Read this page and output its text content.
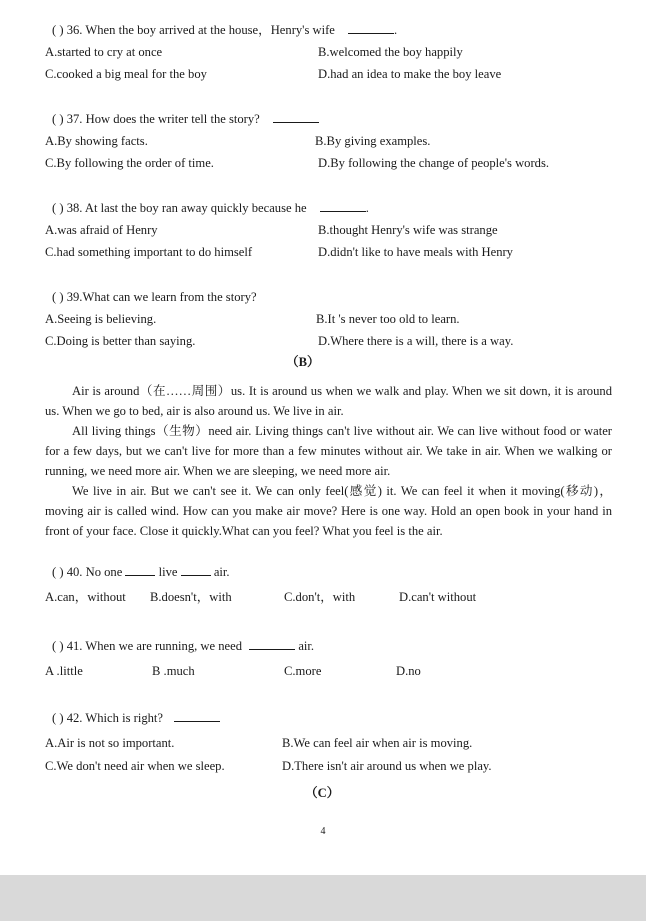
( ) 36. When the boy arrived at the house，Henry's wife	.
A.started to cry at once	B.welcomed the boy happily
C.cooked a big meal for the boy	D.had an idea to make the boy leave
( ) 37. How does the writer tell the story?
A.By showing facts.	B.By giving examples.
C.By following the order of time.	D.By following the change of people's words.
( ) 38. At last the boy ran away quickly because he	.
A.was afraid of Henry	B.thought Henry's wife was strange
C.had something important to do himself	D.didn't like to have meals with Henry
( ) 39.What can we learn from the story?
A.Seeing is believing.	B.It 's never too old to learn.
C.Doing is better than saying.	D.Where there is a will, there is a way.
（B）
Air is around（在……周围）us. It is around us when we walk and play. When we sit down, it is around us. When we go to bed, air is also around us. We live in air.
All living things（生物）need air. Living things can't live without air. We can live without food or water for a few days, but we can't live for more than a few minutes without air. We take in air. When we walking or running, we need more air. When we are sleeping, we need more air.
We live in air. But we can't see it. We can only feel(感觉) it. We can feel it when it moving(移动)，moving air is called wind. How can you make air move? Here is one way. Hold an open book in your hand in front of your face. Close it quickly.What can you feel? What you feel is the air.
( ) 40. No one	live	air.
A.can，without B.doesn't，with	C.don't，with	D.can't without
( ) 41. When we are running, we need	air.
A .little	B .much	C.more	D.no
( ) 42. Which is right?
A.Air is not so important.	B.We can feel air when air is moving.
C.We don't need air when we sleep.	D.There isn't air around us when we play.
（C）
4
